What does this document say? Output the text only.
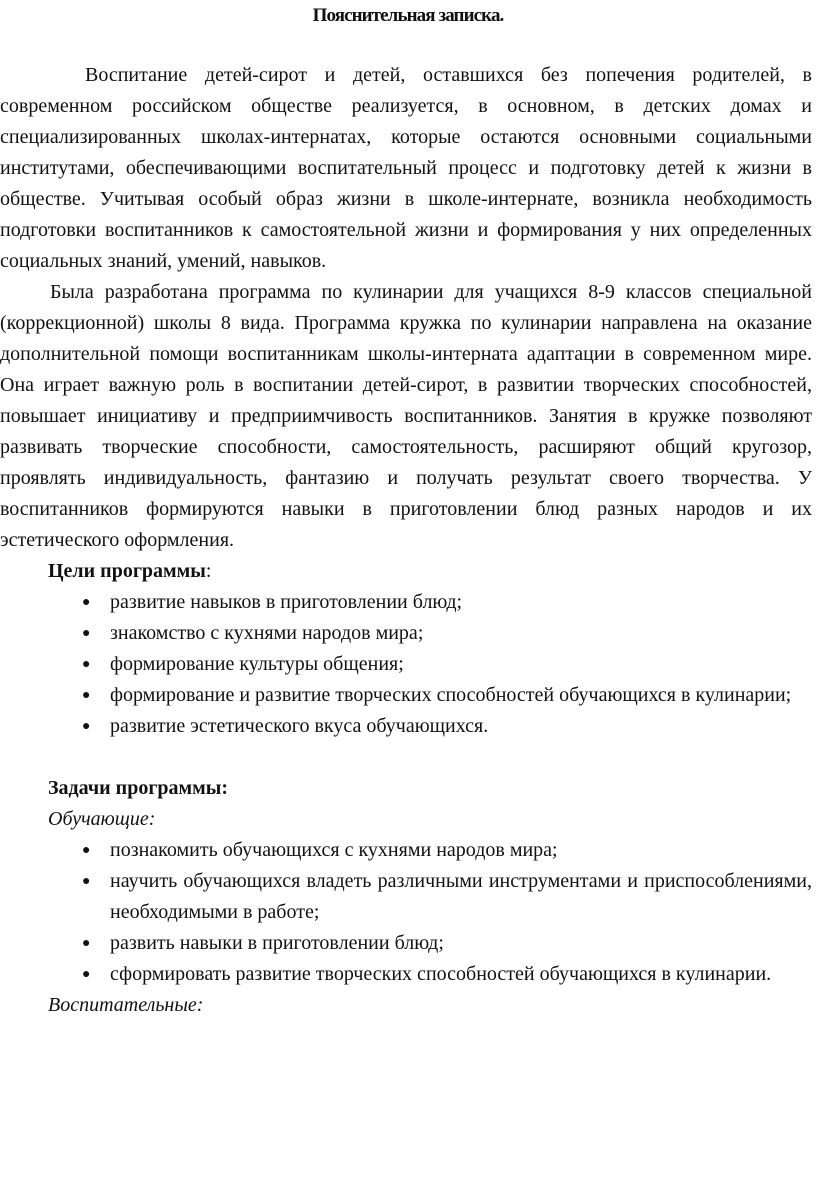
Пояснительная записка.

Воспитание детей-сирот и детей, оставшихся без попечения родителей, в современном российском обществе реализуется, в основном, в детских домах и специализированных школах-интернатах, которые остаются основными социальными институтами, обеспечивающими воспитательный процесс и подготовку детей к жизни в обществе. Учитывая особый образ жизни в школе-интернате, возникла необходимость подготовки воспитанников к самостоятельной жизни и формирования у них определенных социальных знаний, умений, навыков.

Была разработана программа по кулинарии для учащихся 8-9 классов специальной (коррекционной) школы 8 вида. Программа кружка по кулинарии направлена на оказание дополнительной помощи воспитанникам школы-интерната адаптации в современном мире. Она играет важную роль в воспитании детей-сирот, в развитии творческих способностей, повышает инициативу и предприимчивость воспитанников. Занятия в кружке позволяют развивать творческие способности, самостоятельность, расширяют общий кругозор, проявлять индивидуальность, фантазию и получать результат своего творчества. У воспитанников формируются навыки в приготовлении блюд разных народов и их эстетического оформления.

Цели программы:

● развитие навыков в приготовлении блюд;
● знакомство с кухнями народов мира;
● формирование культуры общения;
● формирование и развитие творческих способностей обучающихся в кулинарии;
● развитие эстетического вкуса обучающихся.

Задачи программы:

Обучающие:

● познакомить обучающихся с кухнями народов мира;
● научить обучающихся владеть различными инструментами и приспособлениями, необходимыми в работе;
● развить навыки в приготовлении блюд;
● сформировать развитие творческих способностей обучающихся в кулинарии.

Воспитательные:
